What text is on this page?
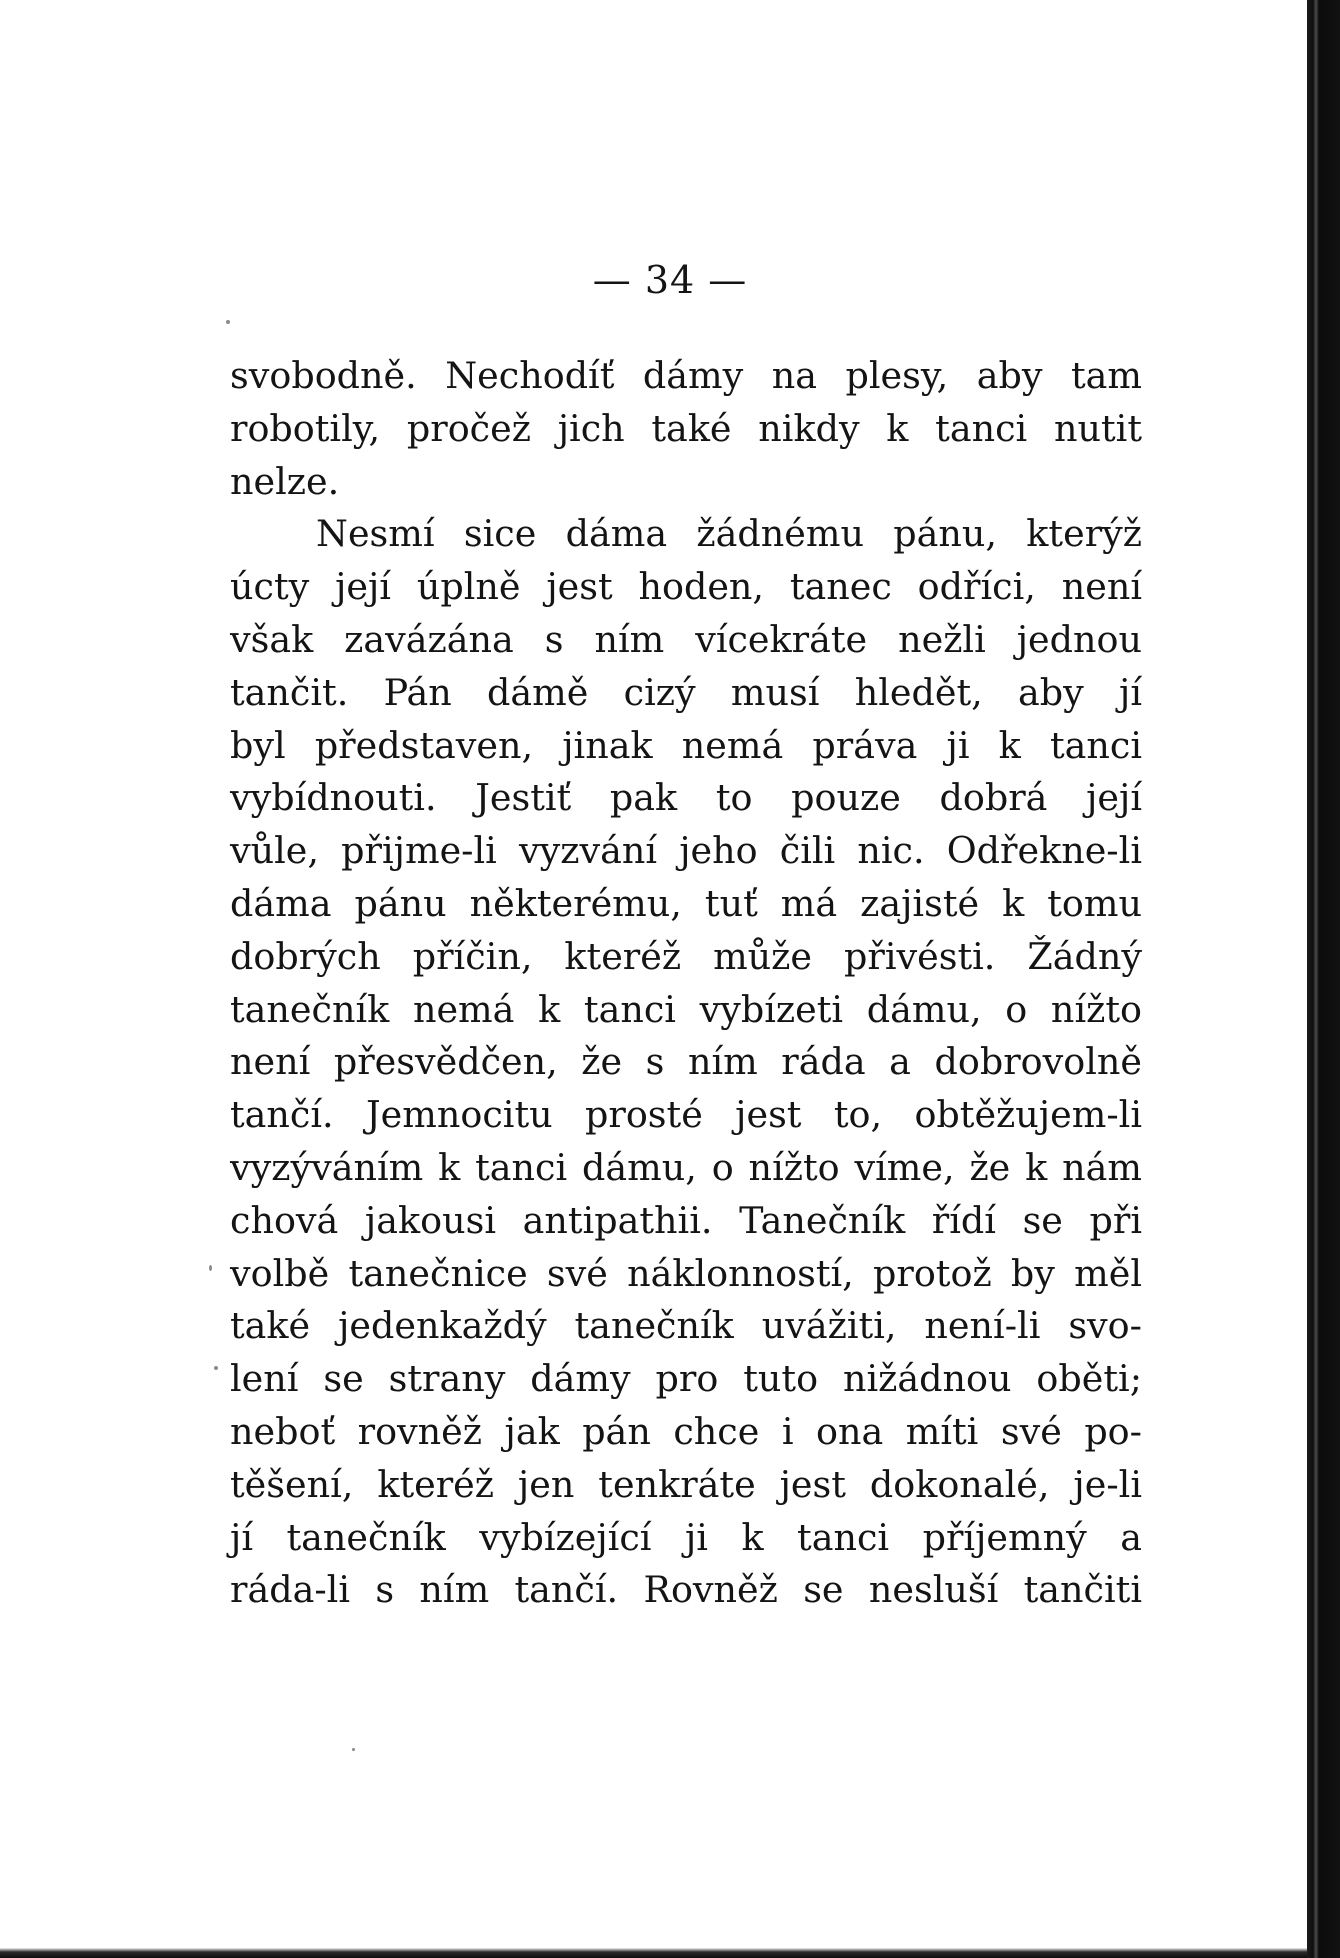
— 34 —
svobodně. Nechodíť dámy na plesy, aby tam
robotily, pročež jich také nikdy k tanci nutit
nelze.
Nesmí sice dáma žádnému pánu, kterýž
úcty její úplně jest hoden, tanec odříci, není
však zavázána s ním vícekráte nežli jednou
tančit. Pán dámě cizý musí hledět, aby jí
byl představen, jinak nemá práva ji k tanci
vybídnouti. Jestiť pak to pouze dobrá její
vůle, přijme-li vyzvání jeho čili nic. Odřekne-li
dáma pánu některému, tuť má zajisté k tomu
dobrých příčin, kteréž může přivésti. Žádný
tanečník nemá k tanci vybízeti dámu, o nížto
není přesvědčen, že s ním ráda a dobrovolně
tančí. Jemnocitu prosté jest to, obtěžujem-li
vyzýváním k tanci dámu, o nížto víme, že k nám
chová jakousi antipathii. Tanečník řídí se při
volbě tanečnice své náklonností, protož by měl
také jedenkaždý tanečník uvážiti, není-li svo-
lení se strany dámy pro tuto nižádnou oběti;
neboť rovněž jak pán chce i ona míti své po-
těšení, kteréž jen tenkráte jest dokonalé, je-li
jí tanečník vybízející ji k tanci příjemný a
ráda-li s ním tančí. Rovněž se nesluší tančiti
